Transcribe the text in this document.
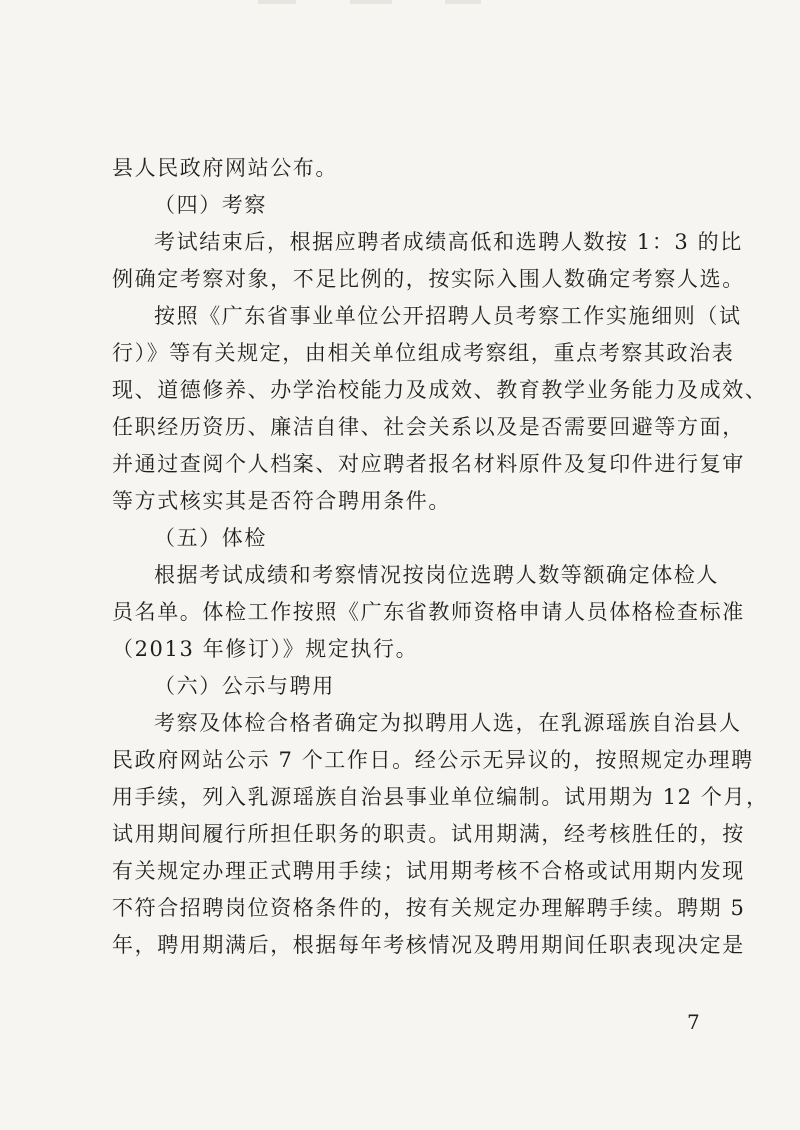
县人民政府网站公布。
（四）考察
考试结束后，根据应聘者成绩高低和选聘人数按 1：3 的比
例确定考察对象，不足比例的，按实际入围人数确定考察人选。
按照《广东省事业单位公开招聘人员考察工作实施细则（试
行）》等有关规定，由相关单位组成考察组，重点考察其政治表
现、道德修养、办学治校能力及成效、教育教学业务能力及成效、
任职经历资历、廉洁自律、社会关系以及是否需要回避等方面，
并通过查阅个人档案、对应聘者报名材料原件及复印件进行复审
等方式核实其是否符合聘用条件。
（五）体检
根据考试成绩和考察情况按岗位选聘人数等额确定体检人
员名单。体检工作按照《广东省教师资格申请人员体格检查标准
（2013 年修订）》规定执行。
（六）公示与聘用
考察及体检合格者确定为拟聘用人选，在乳源瑶族自治县人
民政府网站公示 7 个工作日。经公示无异议的，按照规定办理聘
用手续，列入乳源瑶族自治县事业单位编制。试用期为 12 个月，
试用期间履行所担任职务的职责。试用期满，经考核胜任的，按
有关规定办理正式聘用手续；试用期考核不合格或试用期内发现
不符合招聘岗位资格条件的，按有关规定办理解聘手续。聘期 5
年，聘用期满后，根据每年考核情况及聘用期间任职表现决定是
7
